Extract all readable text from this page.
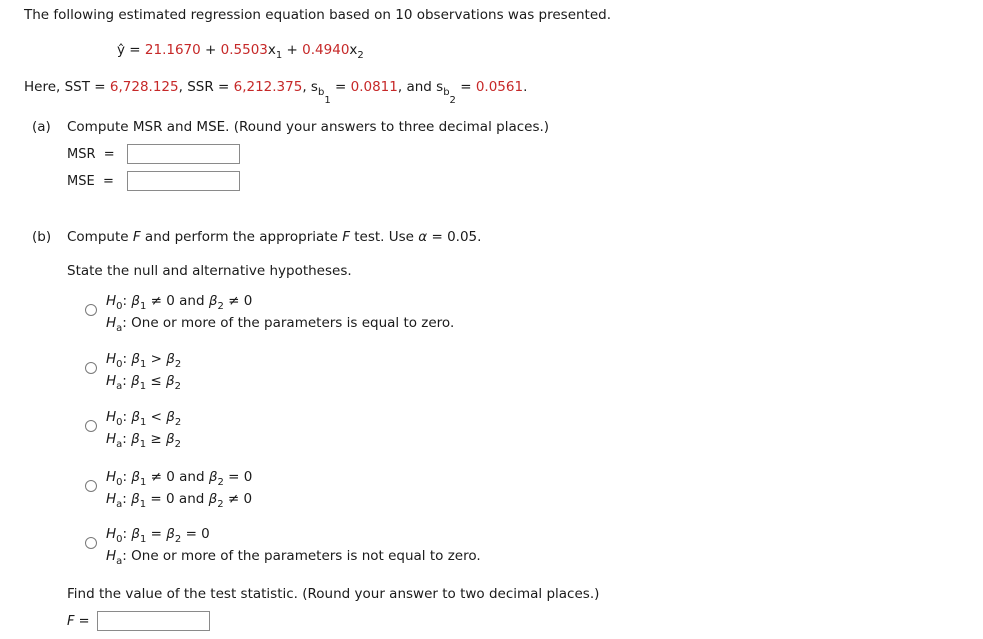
The following estimated regression equation based on 10 observations was presented.
ŷ = $21.1670 + 0.5503x_1 + 0.4940x_2$
Here, SST = 6,728.125, SSR = 6,212.375, $s_{b_1} = 0.0811$, and $s_{b_2} = 0.0561$.
(a) Compute MSR and MSE. (Round your answers to three decimal places.)
MSR =
MSE =
(b) Compute F and perform the appropriate F test. Use α = 0.05.
State the null and alternative hypotheses.
$H_0$: $\beta_1 \ne 0$ and $\beta_2 \ne 0$
$H_a$: One or more of the parameters is equal to zero.
$H_0$: $\beta_1 > \beta_2$
$H_a$: $\beta_1 \le \beta_2$
$H_0$: $\beta_1 < \beta_2$
$H_a$: $\beta_1 \ge \beta_2$
$H_0$: $\beta_1 \ne 0$ and $\beta_2 = 0$
$H_a$: $\beta_1 = 0$ and $\beta_2 \ne 0$
$H_0$: $\beta_1 = \beta_2 = 0$
$H_a$: One or more of the parameters is not equal to zero.
Find the value of the test statistic. (Round your answer to two decimal places.)
F =
